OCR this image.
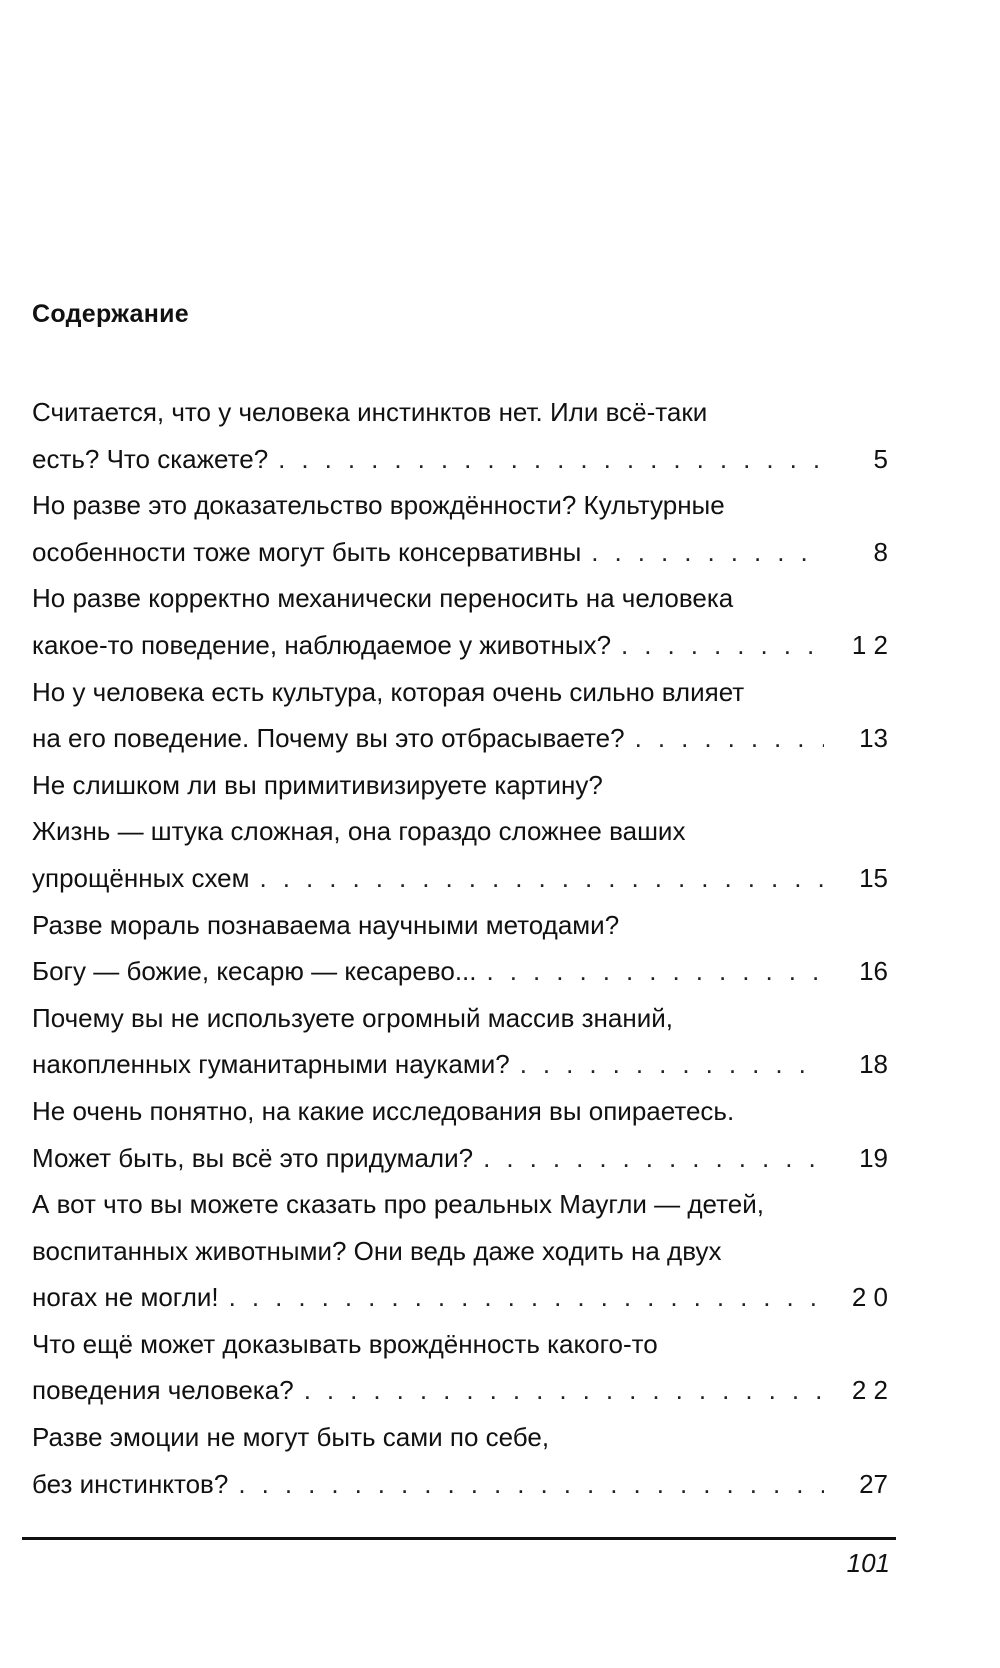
Содержание
Считается, что у человека инстинктов нет. Или всё-таки
есть? Что скажете? . . .	5
Но разве это доказательство врождённости? Культурные
особенности тоже могут быть консервативны . . .	8
Но разве корректно механически переносить на человека
какое-то поведение, наблюдаемое у животных? . . .	1 2
Но у человека есть культура, которая очень сильно влияет
на его поведение. Почему вы это отбрасываете? . . .	13
Не слишком ли вы примитивизируете картину?
Жизнь — штука сложная, она гораздо сложнее ваших
упрощённых схем . . .	15
Разве мораль познаваема научными методами?
Богу — божие, кесарю — кесарево... . . .	16
Почему вы не используете огромный массив знаний,
накопленных гуманитарными науками? . . .	18
Не очень понятно, на какие исследования вы опираетесь.
Может быть, вы всё это придумали? . . .	19
А вот что вы можете сказать про реальных Маугли — детей,
воспитанных животными? Они ведь даже ходить на двух
ногах не могли! . . .	2 0
Что ещё может доказывать врождённость какого-то
поведения человека? . . .	2 2
Разве эмоции не могут быть сами по себе,
без инстинктов? . . .	27
101
